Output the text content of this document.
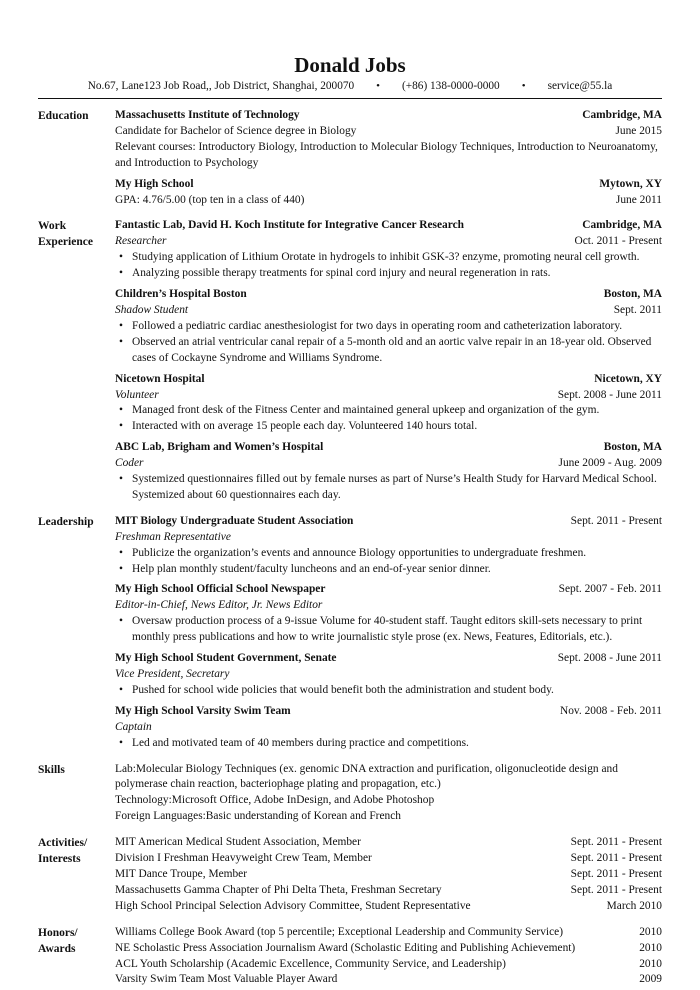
Donald Jobs
No.67, Lane123 Job Road,, Job District, Shanghai, 200070 • (+86) 138-0000-0000 • service@55.la
Education	Massachusetts Institute of Technology	Cambridge, MA
Candidate for Bachelor of Science degree in Biology	June 2015
Relevant courses: Introductory Biology, Introduction to Molecular Biology Techniques, Introduction to Neuroanatomy, and Introduction to Psychology
My High School	Mytown, XY
GPA: 4.76/5.00 (top ten in a class of 440)	June 2011
Work
Experience
Fantastic Lab, David H. Koch Institute for Integrative Cancer Research	Cambridge, MA
Researcher	Oct. 2011 - Present
• Studying application of Lithium Orotate in hydrogels to inhibit GSK-3? enzyme, promoting neural cell growth.
• Analyzing possible therapy treatments for spinal cord injury and neural regeneration in rats.
Children’s Hospital Boston	Boston, MA
Shadow Student	Sept. 2011
• Followed a pediatric cardiac anesthesiologist for two days in operating room and catheterization laboratory.
• Observed an atrial ventricular canal repair of a 5-month old and an aortic valve repair in an 18-year old. Observed cases of Cockayne Syndrome and Williams Syndrome.
Nicetown Hospital	Nicetown, XY
Volunteer	Sept. 2008 - June 2011
• Managed front desk of the Fitness Center and maintained general upkeep and organization of the gym.
• Interacted with on average 15 people each day. Volunteered 140 hours total.
ABC Lab, Brigham and Women’s Hospital	Boston, MA
Coder	June 2009 - Aug. 2009
• Systemized questionnaires filled out by female nurses as part of Nurse’s Health Study for Harvard Medical School. Systemized about 60 questionnaires each day.
Leadership	MIT Biology Undergraduate Student Association	Sept. 2011 - Present
Freshman Representative
• Publicize the organization’s events and announce Biology opportunities to undergraduate freshmen.
• Help plan monthly student/faculty luncheons and an end-of-year senior dinner.
My High School Official School Newspaper	Sept. 2007 - Feb. 2011
Editor-in-Chief, News Editor, Jr. News Editor
• Oversaw production process of a 9-issue Volume for 40-student staff. Taught editors skill-sets necessary to print monthly press publications and how to write journalistic style prose (ex. News, Features, Editorials, etc.).
My High School Student Government, Senate	Sept. 2008 - June 2011
Vice President, Secretary
• Pushed for school wide policies that would benefit both the administration and student body.
My High School Varsity Swim Team	Nov. 2008 - Feb. 2011
Captain
• Led and motivated team of 40 members during practice and competitions.
Skills	Lab:Molecular Biology Techniques (ex. genomic DNA extraction and purification, oligonucleotide design and polymerase chain reaction, bacteriophage plating and propagation, etc.)
Technology:Microsoft Office, Adobe InDesign, and Adobe Photoshop
Foreign Languages:Basic understanding of Korean and French
Activities/
Interests
MIT American Medical Student Association, Member	Sept. 2011 - Present
Division I Freshman Heavyweight Crew Team, Member	Sept. 2011 - Present
MIT Dance Troupe, Member	Sept. 2011 - Present
Massachusetts Gamma Chapter of Phi Delta Theta, Freshman Secretary	Sept. 2011 - Present
High School Principal Selection Advisory Committee, Student Representative	March 2010
Honors/
Awards
Williams College Book Award (top 5 percentile; Exceptional Leadership and Community Service)	2010
NE Scholastic Press Association Journalism Award (Scholastic Editing and Publishing Achievement)	2010
ACL Youth Scholarship (Academic Excellence, Community Service, and Leadership)	2010
Varsity Swim Team Most Valuable Player Award	2009
